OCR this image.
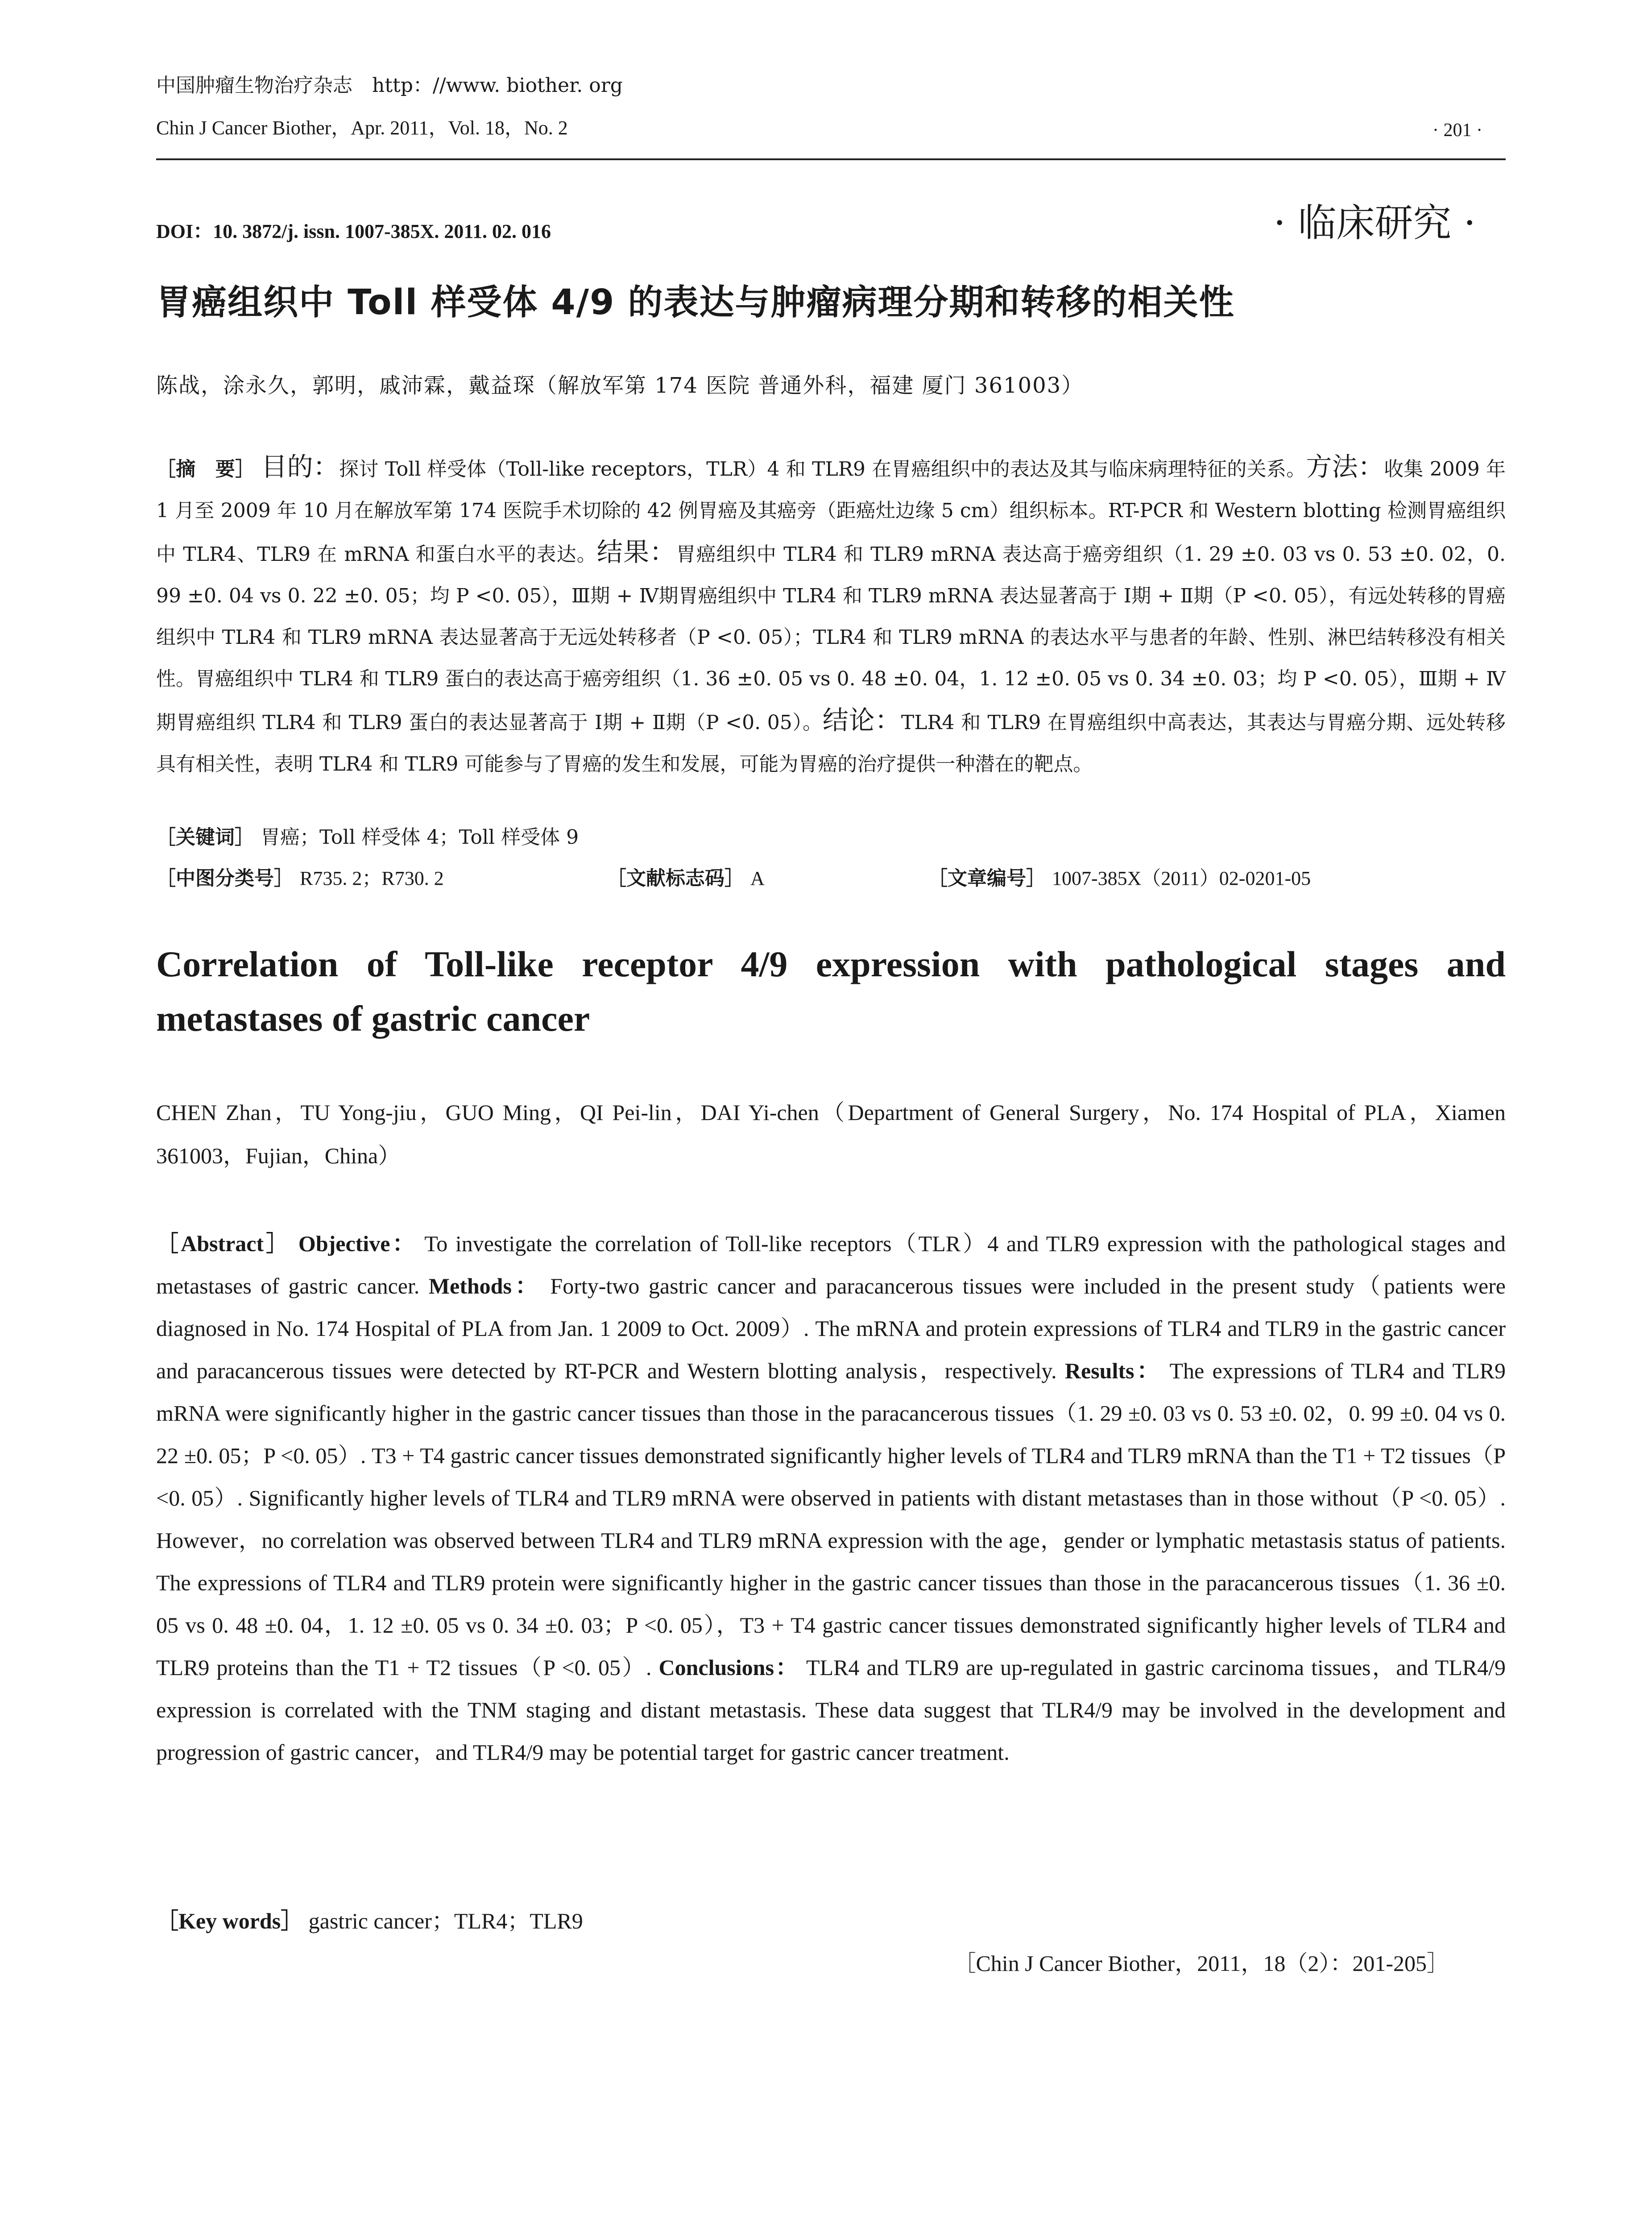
中国肿瘤生物治疗杂志　http：//www. biother. org
Chin J Cancer Biother，Apr. 2011，Vol. 18，No. 2	· 201 ·
DOI：10. 3872/j. issn. 1007-385X. 2011. 02. 016	· 临床研究 ·
胃癌组织中 Toll 样受体 4/9 的表达与肿瘤病理分期和转移的相关性
陈战，涂永久，郭明，戚沛霖，戴益琛（解放军第 174 医院 普通外科，福建 厦门 361003）
［摘　要］ 目的：探讨 Toll 样受体（Toll-like receptors，TLR）4 和 TLR9 在胃癌组织中的表达及其与临床病理特征的关系。方法：收集 2009 年 1 月至 2009 年 10 月在解放军第 174 医院手术切除的 42 例胃癌及其癌旁（距癌灶边缘 5 cm）组织标本。RT-PCR 和 Western blotting 检测胃癌组织中 TLR4、TLR9 在 mRNA 和蛋白水平的表达。结果：胃癌组织中 TLR4 和 TLR9 mRNA 表达高于癌旁组织（1. 29 ±0. 03 vs 0. 53 ±0. 02，0. 99 ±0. 04 vs 0. 22 ±0. 05；均 P <0. 05），Ⅲ期 + Ⅳ期胃癌组织中 TLR4 和 TLR9 mRNA 表达显著高于 Ⅰ期 + Ⅱ期（P <0. 05），有远处转移的胃癌组织中 TLR4 和 TLR9 mRNA 表达显著高于无远处转移者（P <0. 05）；TLR4 和 TLR9 mRNA 的表达水平与患者的年龄、性别、淋巴结转移没有相关性。胃癌组织中 TLR4 和 TLR9 蛋白的表达高于癌旁组织（1. 36 ±0. 05 vs 0. 48 ±0. 04，1. 12 ±0. 05 vs 0. 34 ±0. 03；均 P <0. 05），Ⅲ期 + Ⅳ期胃癌组织 TLR4 和 TLR9 蛋白的表达显著高于 Ⅰ期 + Ⅱ期（P <0. 05）。结论：TLR4 和 TLR9 在胃癌组织中高表达，其表达与胃癌分期、远处转移具有相关性，表明 TLR4 和 TLR9 可能参与了胃癌的发生和发展，可能为胃癌的治疗提供一种潜在的靶点。
［关键词］ 胃癌；Toll 样受体 4；Toll 样受体 9
［中图分类号］ R735. 2；R730. 2	［文献标志码］ A	［文章编号］ 1007-385X（2011）02-0201-05
Correlation of Toll-like receptor 4/9 expression with pathological stages and metastases of gastric cancer
CHEN Zhan，TU Yong-jiu，GUO Ming，QI Pei-lin，DAI Yi-chen（Department of General Surgery，No. 174 Hospital of PLA，Xiamen 361003，Fujian，China）
［Abstract］ Objective： To investigate the correlation of Toll-like receptors（TLR）4 and TLR9 expression with the pathological stages and metastases of gastric cancer. Methods： Forty-two gastric cancer and paracancerous tissues were included in the present study（patients were diagnosed in No. 174 Hospital of PLA from Jan. 1 2009 to Oct. 2009）. The mRNA and protein expressions of TLR4 and TLR9 in the gastric cancer and paracancerous tissues were detected by RT-PCR and Western blotting analysis，respectively. Results： The expressions of TLR4 and TLR9 mRNA were significantly higher in the gastric cancer tissues than those in the paracancerous tissues（1. 29 ±0. 03 vs 0. 53 ±0. 02，0. 99 ±0. 04 vs 0. 22 ±0. 05；P <0. 05）. T3 + T4 gastric cancer tissues demonstrated significantly higher levels of TLR4 and TLR9 mRNA than the T1 + T2 tissues（P <0. 05）. Significantly higher levels of TLR4 and TLR9 mRNA were observed in patients with distant metastases than in those without（P <0. 05）. However，no correlation was observed between TLR4 and TLR9 mRNA expression with the age，gender or lymphatic metastasis status of patients. The expressions of TLR4 and TLR9 protein were significantly higher in the gastric cancer tissues than those in the paracancerous tissues（1. 36 ±0. 05 vs 0. 48 ±0. 04，1. 12 ±0. 05 vs 0. 34 ±0. 03；P <0. 05），T3 + T4 gastric cancer tissues demonstrated significantly higher levels of TLR4 and TLR9 proteins than the T1 + T2 tissues（P <0. 05）. Conclusions： TLR4 and TLR9 are up-regulated in gastric carcinoma tissues，and TLR4/9 expression is correlated with the TNM staging and distant metastasis. These data suggest that TLR4/9 may be involved in the development and progression of gastric cancer，and TLR4/9 may be potential target for gastric cancer treatment.
［Key words］ gastric cancer；TLR4；TLR9
［Chin J Cancer Biother，2011，18（2）：201-205］
